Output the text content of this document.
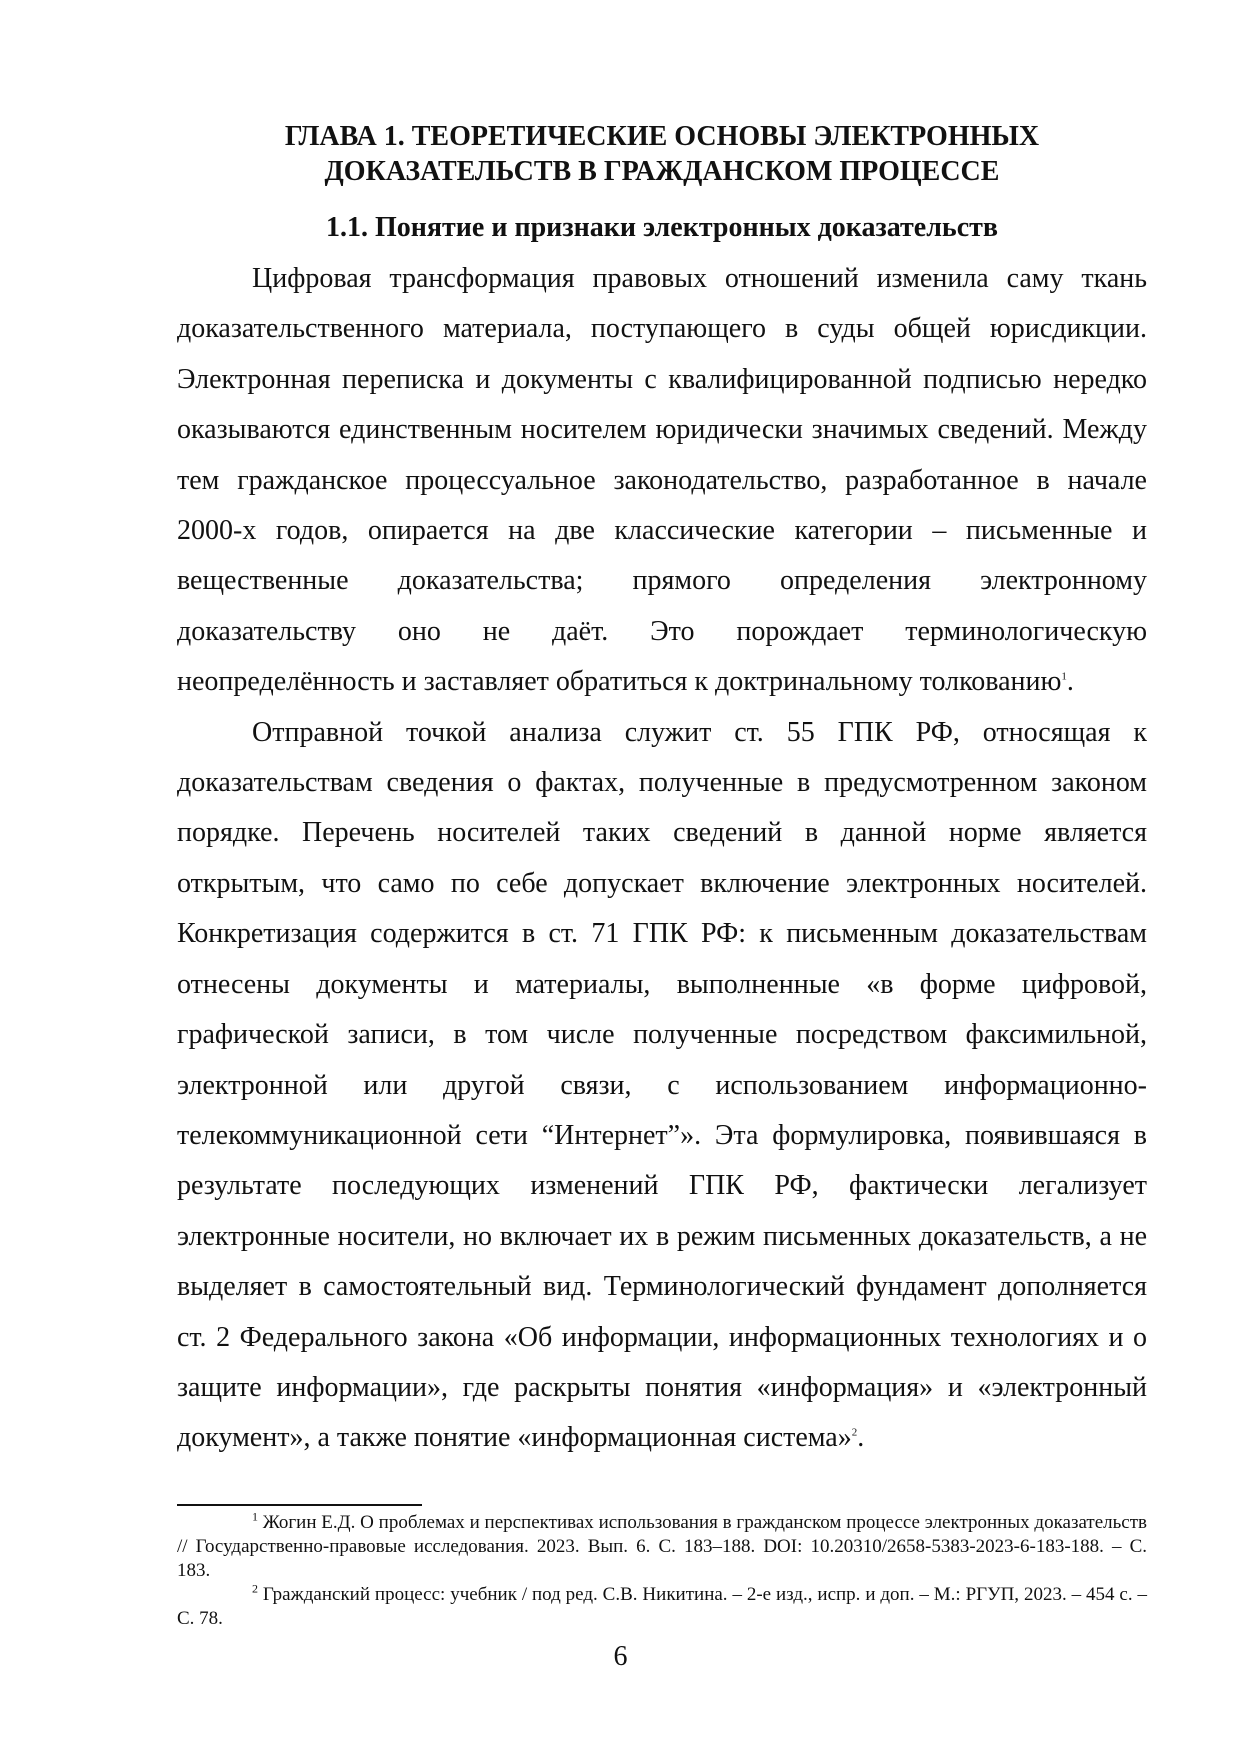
ГЛАВА 1. ТЕОРЕТИЧЕСКИЕ ОСНОВЫ ЭЛЕКТРОННЫХ
ДОКАЗАТЕЛЬСТВ В ГРАЖДАНСКОМ ПРОЦЕССЕ
1.1. Понятие и признаки электронных доказательств

Цифровая трансформация правовых отношений изменила саму ткань доказательственного материала, поступающего в суды общей юрисдикции. Электронная переписка и документы с квалифицированной подписью нередко оказываются единственным носителем юридически значимых сведений. Между тем гражданское процессуальное законодательство, разработанное в начале 2000-х годов, опирается на две классические категории – письменные и вещественные доказательства; прямого определения электронному доказательству оно не даёт. Это порождает терминологическую неопределённость и заставляет обратиться к доктринальному толкованию$^1$.

Отправной точкой анализа служит ст. 55 ГПК РФ, относящая к доказательствам сведения о фактах, полученные в предусмотренном законом порядке. Перечень носителей таких сведений в данной норме является открытым, что само по себе допускает включение электронных носителей. Конкретизация содержится в ст. 71 ГПК РФ: к письменным доказательствам отнесены документы и материалы, выполненные «в форме цифровой, графической записи, в том числе полученные посредством факсимильной, электронной или другой связи, с использованием информационно-телекоммуникационной сети “Интернет”». Эта формулировка, появившаяся в результате последующих изменений ГПК РФ, фактически легализует электронные носители, но включает их в режим письменных доказательств, а не выделяет в самостоятельный вид. Терминологический фундамент дополняется ст. 2 Федерального закона «Об информации, информационных технологиях и о защите информации», где раскрыты понятия «информация» и «электронный документ», а также понятие «информационная система»$^2$.

$^1$ Жогин Е.Д. О проблемах и перспективах использования в гражданском процессе электронных доказательств // Государственно-правовые исследования. 2023. Вып. 6. С. 183–188. DOI: 10.20310/2658-5383-2023-6-183-188. – С. 183.

$^2$ Гражданский процесс: учебник / под ред. С.В. Никитина. – 2-е изд., испр. и доп. – М.: РГУП, 2023. – 454 с. – С. 78.

6
